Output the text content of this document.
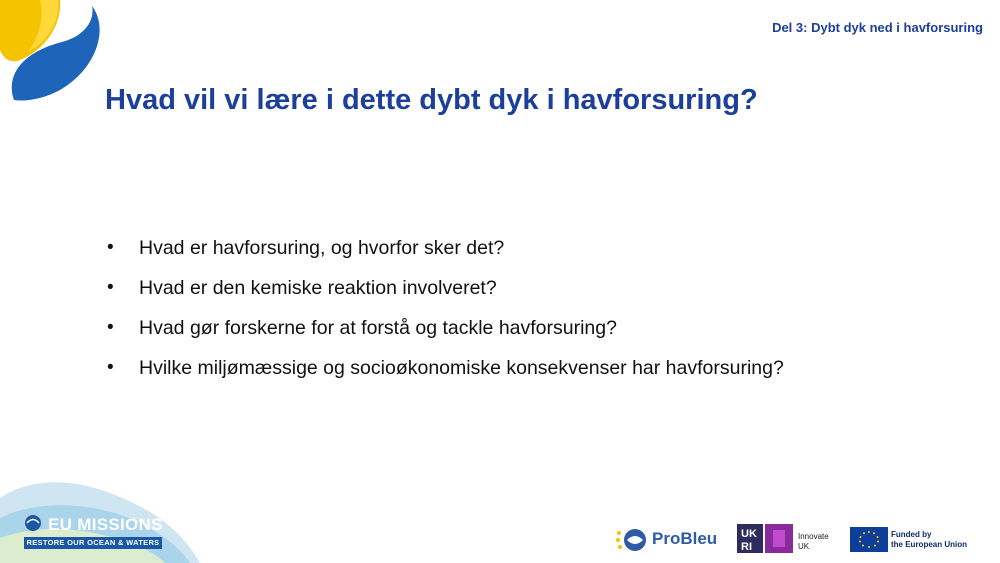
Del 3: Dybt dyk ned i havforsuring
Hvad vil vi lære i dette dybt dyk i havforsuring?
• Hvad er havforsuring, og hvorfor sker det?
• Hvad er den kemiske reaktion involveret?
• Hvad gør forskerne for at forstå og tackle havforsuring?
• Hvilke miljømæssige og socioøkonomiske konsekvenser har havforsuring?
EU MISSIONS
RESTORE OUR OCEAN & WATERS	ProBleu UK
RI
Innovate
UK
Funded by
the European Union
